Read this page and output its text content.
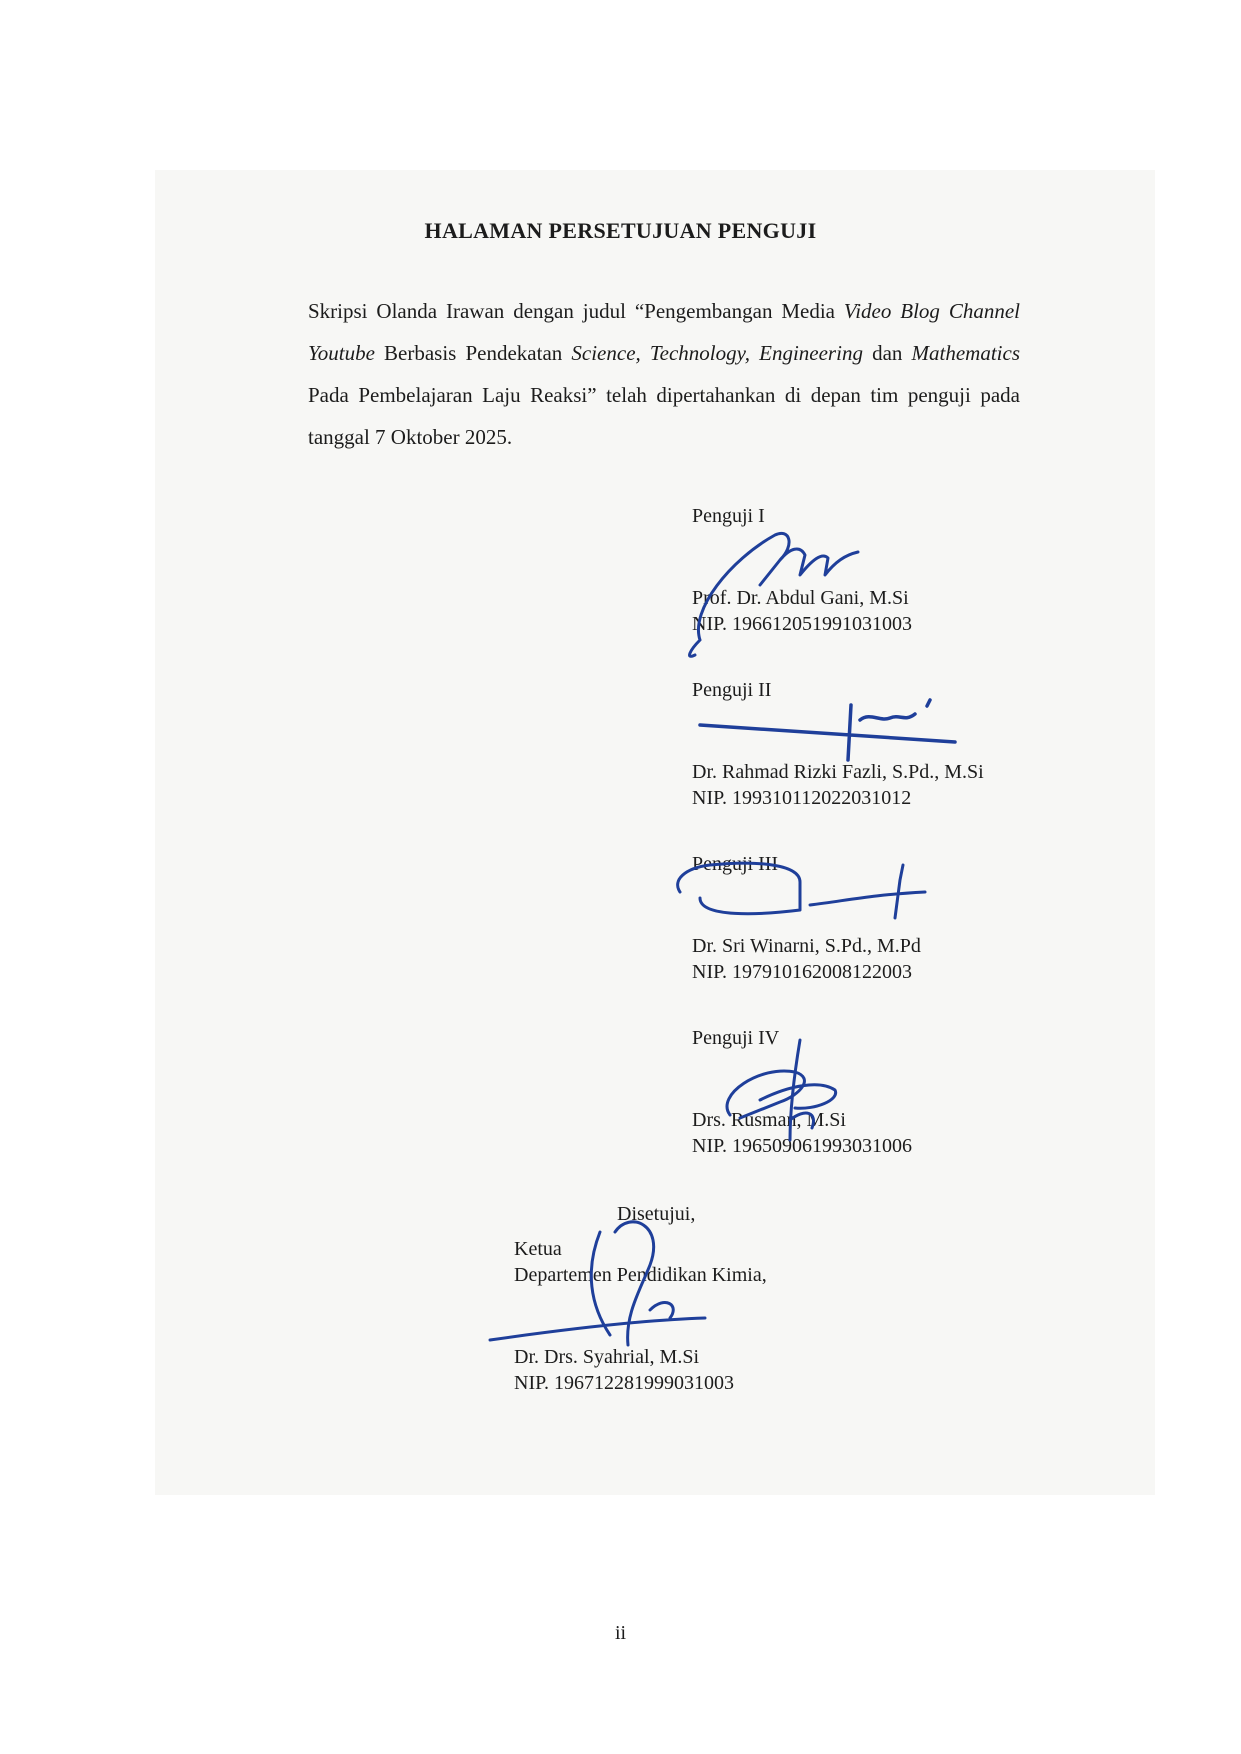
HALAMAN PERSETUJUAN PENGUJI
Skripsi Olanda Irawan dengan judul “Pengembangan Media Video Blog Channel Youtube Berbasis Pendekatan Science, Technology, Engineering dan Mathematics Pada Pembelajaran Laju Reaksi” telah dipertahankan di depan tim penguji pada tanggal 7 Oktober 2025.
Penguji I
Prof. Dr. Abdul Gani, M.Si
NIP. 196612051991031003
Penguji II
Dr. Rahmad Rizki Fazli, S.Pd., M.Si
NIP. 199310112022031012
Penguji III
Dr. Sri Winarni, S.Pd., M.Pd
NIP. 197910162008122003
Penguji IV
Drs. Rusman, M.Si
NIP. 196509061993031006
Disetujui,
Ketua
Departemen Pendidikan Kimia,
Dr. Drs. Syahrial, M.Si
NIP. 196712281999031003
ii
